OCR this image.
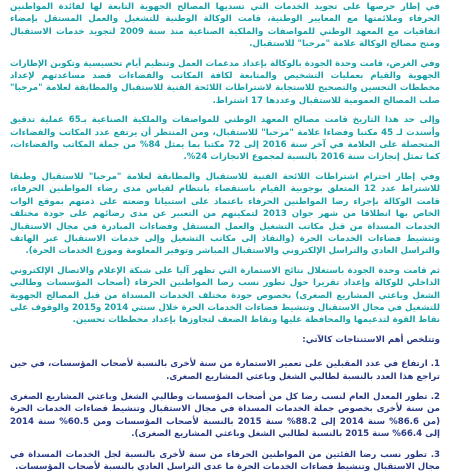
في إطار حرصها على تجويد الخدمات التي تسديها المصالح الجهوية التابعة لها لفائدة المواطنين الحرفاء وملائمتها مع المعايير الوطنية، قامت الوكالة الوطنية للتشغيل والعمل المستقل بإمضاء اتفاقيات مع المعهد الوطني للمواصفات والملكية الصناعية منذ سنة 2009 لتجويد خدمات الاستقبال ومنح مصالح الوكالة علامة "مرحبا" للاستقبال.

وفي الغرض، قامت وحدة الجودة بالوكالة بإعداد مدعمات العمل وتنظيم أيام تحسيسية وتكوين الإطارات الجهوية والقيام بعمليات التشخيص والمتابعة لكافة المكاتب والفضاءات قصد مساعدتهم لإعداد مخططات التحسين والتصحيح للاستجابة لاشتراطات اللائحة الفنية للاستقبال والمطابقة لعلامة "مرحبا" صلب المصالح العمومية للاستقبال وعددها 17 اشتراط.

وإلى حد هذا التاريخ قامت مصالح المعهد الوطني للمواصفات والملكية الصناعية بـ65 عملية تدقيق وأسندت لـ 45 مكتبا وفضاءا علامة "مرحبا" للاستقبال، ومن المنتظر أن يرتفع عدد المكاتب والفضاءات المتحصلة على العلامة في آخر سنة 2016 إلى 72 مكتبا بما يمثل 84% من جملة المكاتب والفضاءات، كما تمثل إنجازات سنة 2016 بالنسبة لمجموع الانجازات 24%.

وفي إطار احترام اشتراطات اللائحة الفنية للاستقبال والمطابقة لعلامة "مرحبا" للاستقبال وطبقا للاشتراط عدد 12 المتعلق بوجوبية القيام باستقصاء بانتظام لقياس مدى رضاء المواطنين الحرفاء، قامت الوكالة بإجراء رضا المواطنين الحرفاء باعتماد على استبيانا وضعته على ذمتهم بموقع الواب الخاص بها انطلاقا من شهر جوان 2013 لتمكينهم من التعبير عن مدى رضائهم على جودة مختلف الخدمات المسداة من قبل مكاتب التشغيل والعمل المستقل وفضاءات المبادرة في مجال الاستقبال وتنشيط فضاءات الخدمات الحرة (والنفاذ إلى مكاتب التشغيل وإلى خدمات الاستقبال عبر الهاتف والتراسل العادي والتراسل الإلكتروني والاستقبال المباشر وتوفير المعلومة وموزع الخدمات الحرة).

ثم قامت وحدة الجودة باستغلال نتائج الاستمارة التي تظهر آليا على شبكة الإعلام والاتصال الإلكتروني الداخلي للوكالة وإعداد تقريرا حول تطور نسب رضا المواطنين الحرفاء (أصحاب المؤسسات وطالبي الشغل وباعثي المشاريع الصغرى) بخصوص جودة مختلف الخدمات المسداة من قبل المصالح الجهوية للتشغيل في مجال الاستقبال وتنشيط فضاءات الخدمات الحرة خلال سنتي 2014 و2015 والوقوف على نقاط القوة لتدعيمها والمحافظة عليها ونقاط الضعف لتجاوزها بإعداد مخططات تحسين.

وتتلخص أهم الاستنتاجات كالآتي:

1. ارتفاع في عدد المقبلين على تعمير الاستمارة من سنة لأخرى بالنسبة لأصحاب المؤسسات، في حين تراجع هذا العدد بالنسبة لطالبي الشغل وباعثي المشاريع الصغرى.

2. تطور المعدل العام لنسب رضا كل من أصحاب المؤسسات وطالبي الشغل وباعثي المشاريع الصغرى من سنة لأخرى بخصوص جملة الخدمات المسداة في مجال الاستقبال وتنشيط فضاءات الخدمات الحرة (من 86.6% سنة 2014 إلى 88.2% سنة 2015 بالنسبة لأصحاب المؤسسات ومن 60.5% سنة 2014 إلى 66.4% سنة 2015 بالنسبة لطالبي الشغل وباعثي المشاريع الصغرى).

3. تطور نسب رضا الفئتين من المواطنين الحرفاء من سنة لأخرى بالنسبة لجل الخدمات المسداة في مجال الاستقبال وتنشيط فضاءات الخدمات الحرة ما عدى التراسل العادي بالنسبة لأصحاب المؤسسات.
